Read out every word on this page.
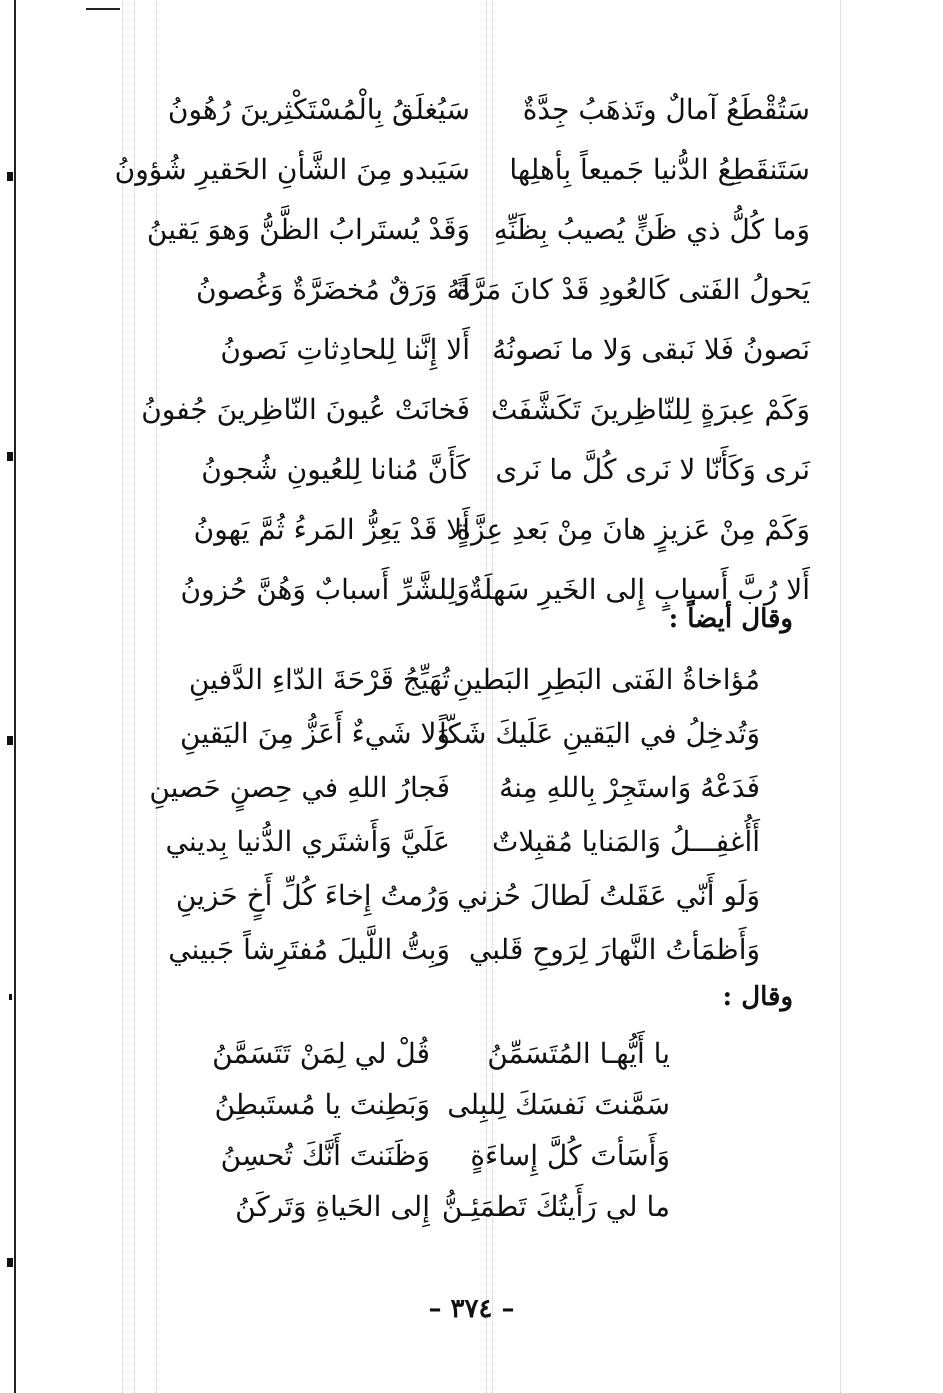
سَتُقْطَعُ آمالٌ وتَذهَبُ جِدَّةٌ
سَيُغلَقُ بِالْمُسْتَكْثِرينَ رُهُونُ
سَتَنقَطِعُ الدُّنيا جَميعاً بِأهلِها
سَيَبدو مِنَ الشَّأنِ الحَقيرِ شُؤونُ
وَما كُلُّ ذي ظَنٍّ يُصيبُ بِظَنِّهِ
وَقَدْ يُستَرابُ الظَّنُّ وَهوَ يَقينُ
يَحولُ الفَتى كَالعُودِ قَدْ كانَ مَرَّةً
لَهُ وَرَقٌ مُخضَرَّةٌ وَغُصونُ
نَصونُ فَلا نَبقى وَلا ما نَصونُهُ
أَلا إِنَّنا لِلحادِثاتِ نَصونُ
وَكَمْ عِبرَةٍ لِلنّاظِرينَ تَكَشَّفَتْ
فَخانَتْ عُيونَ النّاظِرينَ جُفونُ
نَرى وَكَأَنّا لا نَرى كُلَّ ما نَرى
كَأَنَّ مُنانا لِلعُيونِ شُجونُ
وَكَمْ مِنْ عَزيزٍ هانَ مِنْ بَعدِ عِزَّةٍ
أَلا قَدْ يَعِزُّ المَرءُ ثُمَّ يَهونُ
أَلا رُبَّ أَسبابٍ إِلى الخَيرِ سَهلَةٌ
وَلِلشَّرِّ أَسبابٌ وَهُنَّ حُزونُ
وقال أيضاً :
مُؤاخاةُ الفَتى البَطِرِ البَطينِ
تُهَيِّجُ قَرْحَةَ الدّاءِ الدَّفينِ
وَتُدخِلُ في اليَقينِ عَلَيكَ شَكّاً
وَلا شَيءٌ أَعَزُّ مِنَ اليَقينِ
فَدَعْهُ وَاستَجِرْ بِاللهِ مِنهُ
فَجارُ اللهِ في حِصنٍ حَصينِ
أَأُغفِـــلُ وَالمَنايا مُقبِلاتٌ
عَلَيَّ وَأَشتَري الدُّنيا بِديني
وَلَو أَنّي عَقَلتُ لَطالَ حُزني
وَرُمتُ إِخاءَ كُلِّ أَخٍ حَزينِ
وَأَظمَأتُ النَّهارَ لِرَوحِ قَلبي
وَبِتُّ اللَّيلَ مُفتَرِشاً جَبيني
وقال :
يا أَيُّهـا المُتَسَمِّنُ
قُلْ لي لِمَنْ تَتَسَمَّنُ
سَمَّنتَ نَفسَكَ لِلبِلى
وَبَطِنتَ يا مُستَبطِنُ
وَأَسَأتَ كُلَّ إِساءَةٍ
وَظَنَنتَ أَنَّكَ تُحسِنُ
ما لي رَأَيتُكَ تَطمَئِـنُّ
إِلى الحَياةِ وَتَركَنُ
– ٣٧٤ –
